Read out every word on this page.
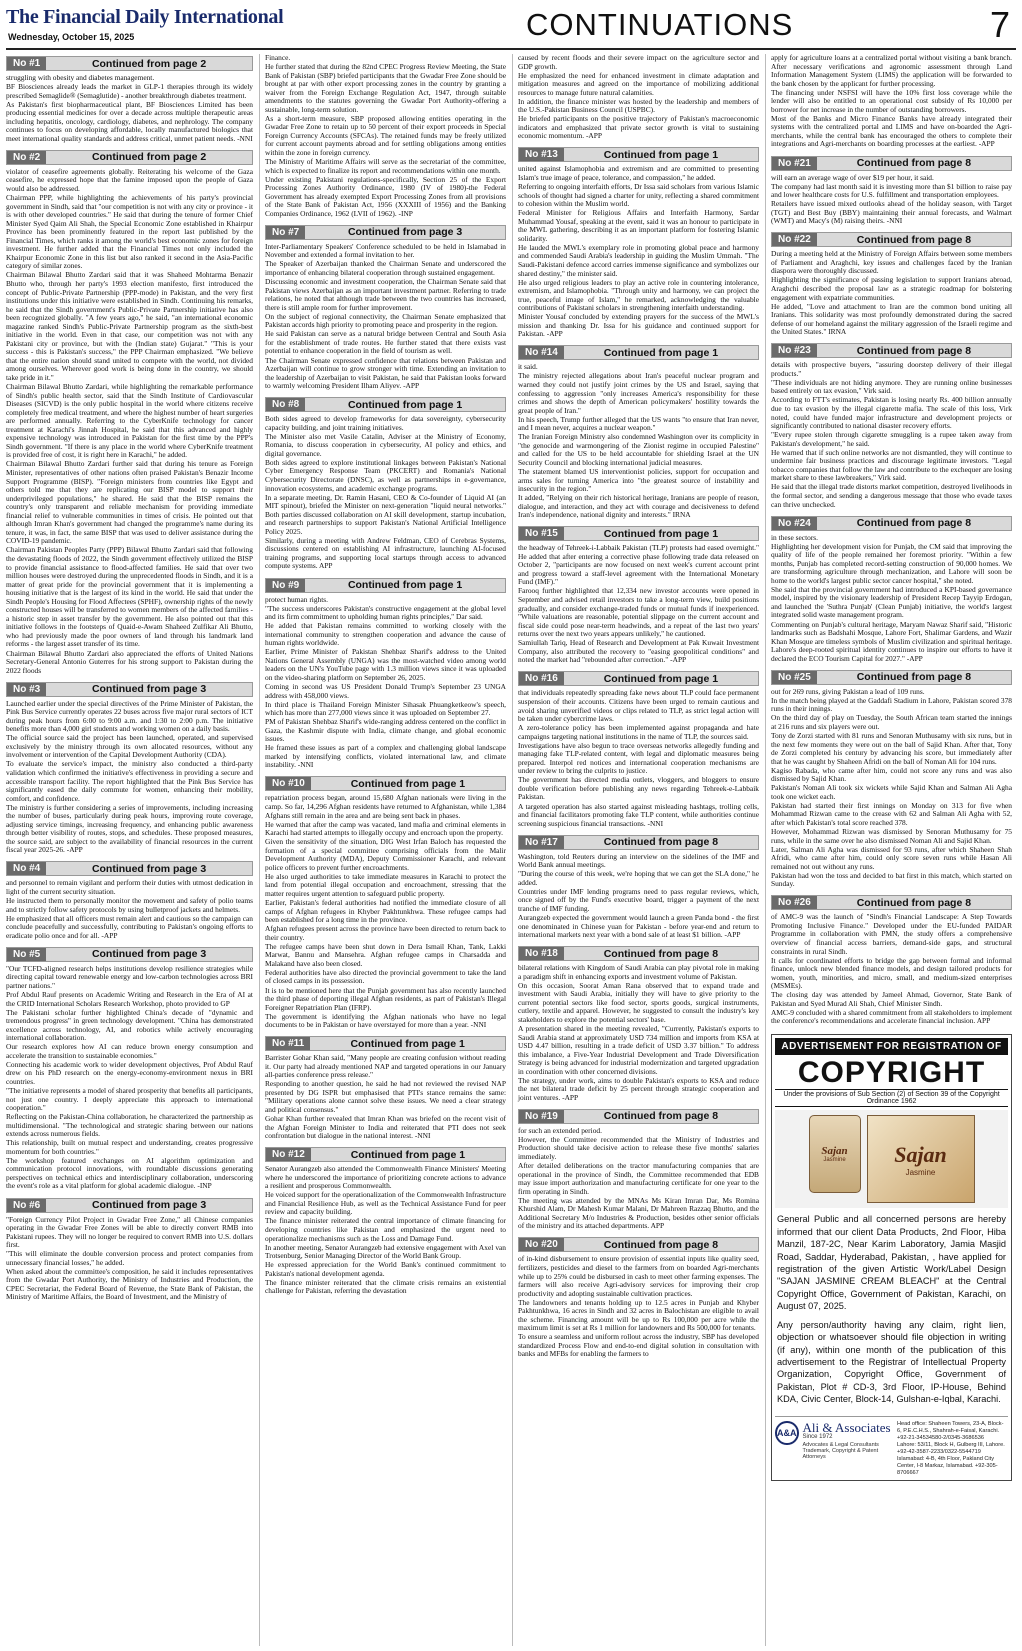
The Financial Daily International
Wednesday, October 15, 2025	CONTINUATIONS	7
No #1	Continued from page 2

struggling with obesity and diabetes management.

BF Biosciences already leads the market in GLP-1 therapies through its widely prescribed Semaglide® (Semaglutide) - another breakthrough diabetes treatment.

As Pakistan's first biopharmaceutical plant, BF Biosciences Limited has been producing essential medicines for over a decade across multiple therapeutic areas including hepatitis, oncology, cardiology, diabetes, and nephrology. The company continues to focus on developing affordable, locally manufactured biologics that meet international quality standards and address critical, unmet patient needs. -NNI

No #2	Continued from page 2

violator of ceasefire agreements globally. Reiterating his welcome of the Gaza ceasefire, he expressed hope that the famine imposed upon the people of Gaza would also be addressed.

Chairman PPP, while highlighting the achievements of his party's provincial government in Sindh, said that "our competition is not with any city or province - it is with other developed countries." He said that during the tenure of former Chief Minister Syed Qaim Ali Shah, the Special Economic Zone established in Khairpur Province has been prominently featured in the report last published by the Financial Times, which ranks it among the world's best economic zones for foreign investment. He further added that the Financial Times not only included the Khairpur Economic Zone in this list but also ranked it second in the Asia-Pacific category of similar zones.

Chairman Bilawal Bhutto Zardari said that it was Shaheed Mohtarma Benazir Bhutto who, through her party's 1993 election manifesto, first introduced the concept of Public-Private Partnership (PPP-mode) in Pakistan, and the very first institutions under this initiative were established in Sindh. Continuing his remarks, he said that the Sindh government's Public-Private Partnership initiative has also been recognized globally. "A few years ago," he said, "an international economic magazine ranked Sindh's Public-Private Partnership program as the sixth-best initiative in the world. Even in that case, our competition was not with any Pakistani city or province, but with the (Indian state) Gujarat." "This is your success - this is Pakistan's success," the PPP Chairman emphasized. "We believe that the entire nation should stand united to compete with the world, not divided among ourselves. Wherever good work is being done in the country, we should take pride in it."

Chairman Bilawal Bhutto Zardari, while highlighting the remarkable performance of Sindh's public health sector, said that the Sindh Institute of Cardiovascular Diseases (SICVD) is the only public hospital in the world where citizens receive completely free medical treatment, and where the highest number of heart surgeries are performed annually. Referring to the CyberKnife technology for cancer treatment at Karachi's Jinnah Hospital, he said that this advanced and highly expensive technology was introduced in Pakistan for the first time by the PPP's Sindh government. "If there is any place in the world where CyberKnife treatment is provided free of cost, it is right here in Karachi," he added.

Chairman Bilawal Bhutto Zardari further said that during his tenure as Foreign Minister, representatives of other nations often praised Pakistan's Benazir Income Support Programme (BISP). "Foreign ministers from countries like Egypt and others told me that they are replicating our BISP model to support their underprivileged populations," he shared. He said that the BISP remains the country's only transparent and reliable mechanism for providing immediate financial relief to vulnerable communities in times of crisis. He pointed out that although Imran Khan's government had changed the programme's name during its tenure, it was, in fact, the same BISP that was used to deliver assistance during the COVID-19 pandemic.

Chairman Pakistan Peoples Party (PPP) Bilawal Bhutto Zardari said that following the devastating floods of 2022, the Sindh government effectively utilized the BISP to provide financial assistance to flood-affected families. He said that over two million houses were destroyed during the unprecedented floods in Sindh, and it is a matter of great pride for the provincial government that it is implementing a housing initiative that is the largest of its kind in the world. He said that under the Sindh People's Housing for Flood Affectees (SPHF), ownership rights of the newly constructed houses will be transferred to women members of the affected families - a historic step in asset transfer by the government. He also pointed out that this initiative follows in the footsteps of Quaid-e-Awam Shaheed Zulfikar Ali Bhutto, who had previously made the poor owners of land through his landmark land reforms - the largest asset transfer of its time.

Chairman Bilawal Bhutto Zardari also appreciated the efforts of United Nations Secretary-General Antonio Guterres for his strong support to Pakistan during the 2022 floods

No #3	Continued from page 3

Launched earlier under the special directives of the Prime Minister of Pakistan, the Pink Bus Service currently operates 22 buses across five major rural sectors of ICT during peak hours from 6:00 to 9:00 a.m. and 1:30 to 2:00 p.m. The initiative benefits more than 4,000 girl students and working women on a daily basis.

The official source said the project has been launched, operated, and supervised exclusively by the ministry through its own allocated resources, without any involvement or intervention of the Capital Development Authority (CDA).

To evaluate the service's impact, the ministry also conducted a third-party validation which confirmed the initiative's effectiveness in providing a secure and accessible transport facility. The report highlighted that the Pink Bus Service has significantly eased the daily commute for women, enhancing their mobility, comfort, and confidence.

The ministry is further considering a series of improvements, including increasing the number of buses, particularly during peak hours, improving route coverage, adjusting service timings, increasing frequency, and enhancing public awareness through better visibility of routes, stops, and schedules. These proposed measures, the source said, are subject to the availability of financial resources in the current fiscal year 2025-26. -APP

No #4	Continued from page 3

and personnel to remain vigilant and perform their duties with utmost dedication in light of the current security situation.

He instructed them to personally monitor the movement and safety of polio teams and to strictly follow safety protocols by using bulletproof jackets and helmets.

He emphasized that all officers must remain alert and cautious so the campaign can conclude peacefully and successfully, contributing to Pakistan's ongoing efforts to eradicate polio once and for all. -APP

No #5	Continued from page 3

"Our TCFD-aligned research helps institutions develop resilience strategies while directing capital toward renewable energy and low-carbon technologies across BRI partner nations."

Prof Abdul Rauf presents on Academic Writing and Research in the Era of AI at the CRID International Scholars Research Workshop, photo provided to GP

The Pakistani scholar further highlighted China's decade of "dynamic and tremendous progress" in green technology development. "China has demonstrated excellence across technology, AI, and robotics while actively encouraging international collaboration.

Our research explores how AI can reduce brown energy consumption and accelerate the transition to sustainable economies."

Connecting his academic work to wider development objectives, Prof Abdul Rauf drew on his PhD research on the energy-economy-environment nexus in BRI countries.

"The initiative represents a model of shared prosperity that benefits all participants, not just one country. I deeply appreciate this approach to international cooperation."

Reflecting on the Pakistan-China collaboration, he characterized the partnership as multidimensional. "The technological and strategic sharing between our nations extends across numerous fields.

This relationship, built on mutual respect and understanding, creates progressive momentum for both countries."

The workshop featured exchanges on AI algorithm optimization and communication protocol innovations, with roundtable discussions generating perspectives on technical ethics and interdisciplinary collaboration, underscoring the event's role as a vital platform for global academic dialogue. -INP

No #6	Continued from page 3

"Foreign Currency Pilot Project in Gwadar Free Zone," all Chinese companies operating in the Gwadar Free Zones will be able to directly convert RMB into Pakistani rupees. They will no longer be required to convert RMB into U.S. dollars first.

"This will eliminate the double conversion process and protect companies from unnecessary financial losses," he added.

When asked about the committee's composition, he said it includes representatives from the Gwadar Port Authority, the Ministry of Industries and Production, the CPEC Secretariat, the Federal Board of Revenue, the State Bank of Pakistan, the Ministry of Maritime Affairs, the Board of Investment, and the Ministry of

Finance.

He further stated that during the 82nd CPEC Progress Review Meeting, the State Bank of Pakistan (SBP) briefed participants that the Gwadar Free Zone should be brought at par with other export processing zones in the country by granting a waiver from the Foreign Exchange Regulation Act, 1947, through suitable amendments to the statutes governing the Gwadar Port Authority-offering a sustainable, long-term solution.

As a short-term measure, SBP proposed allowing entities operating in the Gwadar Free Zone to retain up to 50 percent of their export proceeds in Special Foreign Currency Accounts (SFCAs). The retained funds may be freely utilized for current account payments abroad and for settling obligations among entities within the zone in foreign currency.

The Ministry of Maritime Affairs will serve as the secretariat of the committee, which is expected to finalize its report and recommendations within one month.

Under existing Pakistani regulations-specifically, Section 25 of the Export Processing Zones Authority Ordinance, 1980 (IV of 1980)-the Federal Government has already exempted Export Processing Zones from all provisions of the State Bank of Pakistan Act, 1956 (XXXIII of 1956) and the Banking Companies Ordinance, 1962 (LVII of 1962). -INP

No #7	Continued from page 3

Inter-Parliamentary Speakers' Conference scheduled to be held in Islamabad in November and extended a formal invitation to her.

The Speaker of Azerbaijan thanked the Chairman Senate and underscored the importance of enhancing bilateral cooperation through sustained engagement.

Discussing economic and investment cooperation, the Chairman Senate said that Pakistan views Azerbaijan as an important investment partner. Referring to trade relations, he noted that although trade between the two countries has increased, there is still ample room for further improvement.

On the subject of regional connectivity, the Chairman Senate emphasized that Pakistan accords high priority to promoting peace and prosperity in the region.

He said Pakistan can serve as a natural bridge between Central and South Asia for the establishment of trade routes. He further stated that there exists vast potential to enhance cooperation in the field of tourism as well.

The Chairman Senate expressed confidence that relations between Pakistan and Azerbaijan will continue to grow stronger with time. Extending an invitation to the leadership of Azerbaijan to visit Pakistan, he said that Pakistan looks forward to warmly welcoming President Ilham Aliyev. -APP

No #8	Continued from page 1

Both sides agreed to develop frameworks for data sovereignty, cybersecurity capacity building, and joint training initiatives.

The Minister also met Vasile Catalin, Adviser at the Ministry of Economy, Romania, to discuss cooperation in cybersecurity, AI policy and ethics, and digital governance.

Both sides agreed to explore institutional linkages between Pakistan's National Cyber Emergency Response Team (PKCERT) and Romania's National Cybersecurity Directorate (DNSC), as well as partnerships in e-governance, innovation ecosystems, and academic exchange programs.

In a separate meeting, Dr. Ramin Hasani, CEO & Co-founder of Liquid AI (an MIT spinout), briefed the Minister on next-generation "liquid neural networks." Both parties discussed collaboration on AI skill development, startup incubation, and research partnerships to support Pakistan's National Artificial Intelligence Policy 2025.

Similarly, during a meeting with Andrew Feldman, CEO of Cerebras Systems, discussions centered on establishing AI infrastructure, launching AI-focused training programs, and supporting local startups through access to advanced compute systems. APP

No #9	Continued from page 1

protect human rights.

"The success underscores Pakistan's constructive engagement at the global level and its firm commitment to upholding human rights principles," Dar said.

He added that Pakistan remains committed to working closely with the international community to strengthen cooperation and advance the cause of human rights worldwide.

Earlier, Prime Minister of Pakistan Shehbaz Sharif's address to the United Nations General Assembly (UNGA) was the most-watched video among world leaders on the UN's YouTube page with 1.3 million views since it was uploaded on the video-sharing platform on September 26, 2025.

Coming in second was US President Donald Trump's September 23 UNGA address with 458,000 views.

In third place is Thailand Foreign Minister Sihasak Phuangketkeow's speech, which has more than 277,000 views since it was uploaded on September 27.

PM of Pakistan Shehbaz Sharif's wide-ranging address centered on the conflict in Gaza, the Kashmir dispute with India, climate change, and global economic issues.

He framed these issues as part of a complex and challenging global landscape marked by intensifying conflicts, violated international law, and climate instability. -NNI

No #10	Continued from page 1

repatriation process began, around 15,680 Afghan nationals were living in the camp. So far, 14,296 Afghan residents have returned to Afghanistan, while 1,384 Afghans still remain in the area and are being sent back in phases.

He warned that after the camp was vacated, land mafia and criminal elements in Karachi had started attempts to illegally occupy and encroach upon the property.

Given the sensitivity of the situation, DIG West Irfan Baloch has requested the formation of a special committee comprising officials from the Malir Development Authority (MDA), Deputy Commissioner Karachi, and relevant police officers to prevent further encroachments.

He also urged authorities to take immediate measures in Karachi to protect the land from potential illegal occupation and encroachment, stressing that the matter requires urgent attention to safeguard public property.

Earlier, Pakistan's federal authorities had notified the immediate closure of all camps of Afghan refugees in Khyber Pakhtunkhwa. These refugee camps had been established for a long time in the province.

Afghan refugees present across the province have been directed to return back to their country.

The refugee camps have been shut down in Dera Ismail Khan, Tank, Lakki Marwat, Bannu and Mansehra. Afghan refugee camps in Charsadda and Malakand have also been closed.

Federal authorities have also directed the provincial government to take the land of closed camps in its possession.

It is to be mentioned here that the Punjab government has also recently launched the third phase of deporting illegal Afghan residents, as part of Pakistan's Illegal Foreigner Repatriation Plan (IFRP).

The government is identifying the Afghan nationals who have no legal documents to be in Pakistan or have overstayed for more than a year. -NNI

No #11	Continued from page 1

Barrister Gohar Khan said, "Many people are creating confusion without reading it. Our party had already mentioned NAP and targeted operations in our January all-parties conference press release."

Responding to another question, he said he had not reviewed the revised NAP presented by DG ISPR but emphasised that PTI's stance remains the same: "Military operations alone cannot solve these issues. We need a clear strategy and political consensus."

Gohar Khan further revealed that Imran Khan was briefed on the recent visit of the Afghan Foreign Minister to India and reiterated that PTI does not seek confrontation but dialogue in the national interest. -NNI

No #12	Continued from page 1

Senator Aurangzeb also attended the Commonwealth Finance Ministers' Meeting where he underscored the importance of prioritizing concrete actions to advance a resilient and prosperous Commonwealth.

He voiced support for the operationalization of the Commonwealth Infrastructure and Financial Resilience Hub, as well as the Technical Assistance Fund for peer review and capacity building.

The finance minister reiterated the central importance of climate financing for developing countries like Pakistan and emphasized the urgent need to operationalize mechanisms such as the Loss and Damage Fund.

In another meeting, Senator Aurangzeb had extensive engagement with Axel van Trotsenburg, Senior Managing Director of the World Bank Group.

He expressed appreciation for the World Bank's continued commitment to Pakistan's national development agenda.

The finance minister reiterated that the climate crisis remains an existential challenge for Pakistan, referring the devastation

caused by recent floods and their severe impact on the agriculture sector and GDP growth.

He emphasized the need for enhanced investment in climate adaptation and mitigation measures and agreed on the importance of mobilizing additional resources to manage future natural calamities.

In addition, the finance minister was hosted by the leadership and members of the U.S.-Pakistan Business Council (USPBC).

He briefed participants on the positive trajectory of Pakistan's macroeconomic indicators and emphasized that private sector growth is vital to sustaining economic momentum. -APP

No #13	Continued from page 1

united against Islamophobia and extremism and are committed to presenting Islam's true image of peace, tolerance, and compassion," he added.

Referring to ongoing interfaith efforts, Dr Issa said scholars from various Islamic schools of thought had signed a charter for unity, reflecting a shared commitment to cohesion within the Muslim world.

Federal Minister for Religious Affairs and Interfaith Harmony, Sardar Muhammad Yousaf, speaking at the event, said it was an honour to participate in the MWL gathering, describing it as an important platform for fostering Islamic solidarity.

He lauded the MWL's exemplary role in promoting global peace and harmony and commended Saudi Arabia's leadership in guiding the Muslim Ummah. "The Saudi-Pakistani defence accord carries immense significance and symbolizes our shared destiny," the minister said.

He also urged religious leaders to play an active role in countering intolerance, extremism, and Islamophobia. "Through unity and harmony, we can project the true, peaceful image of Islam," he remarked, acknowledging the valuable contributions of Pakistani scholars in strengthening interfaith understanding.

Minister Yousaf concluded by extending prayers for the success of the MWL's mission and thanking Dr. Issa for his guidance and continued support for Pakistan. -APP

No #14	Continued from page 1

it said.

The ministry rejected allegations about Iran's peaceful nuclear program and warned they could not justify joint crimes by the US and Israel, saying that confessing to aggression "only increases America's responsibility for these crimes and shows the depth of American policymakers' hostility towards the great people of Iran."

In his speech, Trump further alleged that the US wants "to ensure that Iran never, and I mean never, acquires a nuclear weapon."

The Iranian Foreign Ministry also condemned Washington over its complicity in "the genocide and warmongering of the Zionist regime in occupied Palestine" and called for the US to be held accountable for shielding Israel at the UN Security Council and blocking international judicial measures.

The statement blamed US interventionist policies, support for occupation and arms sales for turning America into "the greatest source of instability and insecurity in the region."

It added, "Relying on their rich historical heritage, Iranians are people of reason, dialogue, and interaction, and they act with courage and decisiveness to defend Iran's independence, national dignity and interests." IRNA

No #15	Continued from page 1

the headway of Tehreek-i-Labbaik Pakistan (TLP) protests had eased overnight." He added that after entering a corrective phase following trade data released on October 2, "participants are now focused on next week's current account print and progress toward a staff-level agreement with the International Monetary Fund (IMF)."

Farooq further highlighted that 12,334 new investor accounts were opened in September and advised retail investors to take a long-term view, build positions gradually, and consider exchange-traded funds or mutual funds if inexperienced. "While valuations are reasonable, potential slippage on the current account and fiscal side could pose near-term headwinds, and a repeat of the last two years' returns over the next two years appears unlikely," he cautioned.

Samiullah Tariq, Head of Research and Development at Pak Kuwait Investment Company, also attributed the recovery to "easing geopolitical conditions" and noted the market had "rebounded after correction." -APP

No #16	Continued from page 1

that individuals repeatedly spreading fake news about TLP could face permanent suspension of their accounts. Citizens have been urged to remain cautious and avoid sharing unverified videos or clips related to TLP, as strict legal action will be taken under cybercrime laws.

A zero-tolerance policy has been implemented against propaganda and hate campaigns targeting national institutions in the name of TLP, the sources said.

Investigations have also begun to trace overseas networks allegedly funding and managing fake TLP-related content, with legal and diplomatic measures being prepared. Interpol red notices and international cooperation mechanisms are under review to bring the culprits to justice.

The government has directed media outlets, vloggers, and bloggers to ensure double verification before publishing any news regarding Tehreek-e-Labbaik Pakistan.

A targeted operation has also started against misleading hashtags, trolling cells, and financial facilitators promoting fake TLP content, while authorities continue screening suspicious financial transactions. -NNI

No #17	Continued from page 8

Washington, told Reuters during an interview on the sidelines of the IMF and World Bank annual meetings.

"During the course of this week, we're hoping that we can get the SLA done," he added.

Countries under IMF lending programs need to pass regular reviews, which, once signed off by the Fund's executive board, trigger a payment of the next tranche of IMF funding.

Aurangzeb expected the government would launch a green Panda bond - the first one denominated in Chinese yuan for Pakistan - before year-end and return to international markets next year with a bond sale of at least $1 billion. -APP

No #18	Continued from page 8

bilateral relations with Kingdom of Saudi Arabia can play pivotal role in making a paradigm shift in enhancing exports and investment volume of Pakistan.

On this occasion, Soorat Aman Rana observed that to expand trade and investment with Saudi Arabia, initially they will have to give priority to the current potential sectors like food sector, sports goods, surgical instruments, cutlery, textile and apparel. However, he suggested to consult the industry's key stakeholders to explore the potential sectors' base.

A presentation shared in the meeting revealed, "Currently, Pakistan's exports to Saudi Arabia stand at approximately USD 734 million and imports from KSA at USD 4.47 billion, resulting in a trade deficit of USD 3.37 billion." To address this imbalance, a Five-Year Industrial Development and Trade Diversification Strategy is being advanced for industrial modernization and targeted upgradation in coordination with other concerned divisions.

The strategy, under work, aims to double Pakistan's exports to KSA and reduce the net bilateral trade deficit by 25 percent through strategic cooperation and joint ventures. -APP

No #19	Continued from page 8

for such an extended period.

However, the Committee recommended that the Ministry of Industries and Production should take decisive action to release these five months' salaries immediately.

After detailed deliberations on the tractor manufacturing companies that are operational in the province of Sindh, the Committee recommended that EDB may issue import authorization and manufacturing certificate for one year to the firm operating in Sindh.

The meeting was attended by the MNAs Ms Kiran Imran Dar, Ms Romina Khurshid Alam, Dr Mahesh Kumar Malani, Dr Mahreen Razzaq Bhutto, and the Additional Secretary M/o Industries & Production, besides other senior officials of the ministry and its attached departments. APP

No #20	Continued from page 8

of in-kind disbursement to ensure provision of essential inputs like quality seed, fertilizers, pesticides and diesel to the farmers from on boarded Agri-merchants while up to 25% could be disbursed in cash to meet other farming expenses. The farmers will also receive Agri-advisory services for improving their crop productivity and adopting sustainable cultivation practices.

The landowners and tenants holding up to 12.5 acres in Punjab and Khyber Pakhtunkhwa, 16 acres in Sindh and 32 acres in Balochistan are eligible to avail the scheme. Financing amount will be up to Rs 100,000 per acre while the maximum limit is set at Rs 1 million for landowners and Rs 500,000 for tenants.

To ensure a seamless and uniform rollout across the industry, SBP has developed standardized Process Flow and end-to-end digital solution in consultation with banks and MFBs for enabling the farmers to

apply for agriculture loans at a centralized portal without visiting a bank branch. After necessary verifications and agronomic assessment through Land Information Management System (LIMS) the application will be forwarded to the bank chosen by the applicant for further processing.

The financing under NSFSI will have the 10% first loss coverage while the lender will also be entitled to an operational cost subsidy of Rs 10,000 per borrower for net increase in the number of outstanding borrowers.

Most of the Banks and Micro Finance Banks have already integrated their systems with the centralized portal and LIMS and have on-boarded the Agri-merchants, while the central bank has encouraged the others to complete their integrations and Agri-merchants on boarding processes at the earliest. -APP

No #21	Continued from page 8

will earn an average wage of over $19 per hour, it said.

The company had last month said it is investing more than $1 billion to raise pay and lower healthcare costs for U.S. fulfillment and transportation employees.

Retailers have issued mixed outlooks ahead of the holiday season, with Target (TGT) and Best Buy (BBY) maintaining their annual forecasts, and Walmart (WMT) and Macy's (M) raising theirs. -NNI

No #22	Continued from page 8

During a meeting held at the Ministry of Foreign Affairs between some members of Parliament and Araghchi, key issues and challenges faced by the Iranian diaspora were thoroughly discussed.

Highlighting the significance of passing legislation to support Iranians abroad, Araghchi described the proposal law as a strategic roadmap for bolstering engagement with expatriate communities.

He added, "Love and attachment to Iran are the common bond uniting all Iranians. This solidarity was most profoundly demonstrated during the sacred defense of our homeland against the military aggression of the Israeli regime and the United States." IRNA

No #23	Continued from page 8

details with prospective buyers, "assuring doorstep delivery of their illegal products."

"These individuals are not hiding anymore. They are running online businesses based entirely on tax evasion," Virk said.

According to FTT's estimates, Pakistan is losing nearly Rs. 400 billion annually due to tax evasion by the illegal cigarette mafia. The scale of this loss, Virk noted, could have funded major infrastructure and development projects or significantly contributed to national disaster recovery efforts.

"Every rupee stolen through cigarette smuggling is a rupee taken away from Pakistan's development," he said.

He warned that if such online networks are not dismantled, they will continue to undermine fair business practices and discourage legitimate investors. "Legal tobacco companies that follow the law and contribute to the exchequer are losing market share to these lawbreakers," Virk said.

He said that the illegal trade distorts market competition, destroyed livelihoods in the formal sector, and sending a dangerous message that those who evade taxes can thrive unchecked.

No #24	Continued from page 8

in these sectors.

Highlighting her development vision for Punjab, the CM said that improving the quality of life of the people remained her foremost priority. "Within a few months, Punjab has completed record-setting construction of 90,000 homes. We are transforming agriculture through mechanization, and Lahore will soon be home to the world's largest public sector cancer hospital," she noted.

She said that the provincial government had introduced a KPI-based governance model, inspired by the visionary leadership of President Recep Tayyip Erdogan, and launched the 'Suthra Punjab' (Clean Punjab) initiative, the world's largest integrated solid waste management program.

Commenting on Punjab's cultural heritage, Maryam Nawaz Sharif said, "Historic landmarks such as Badshahi Mosque, Lahore Fort, Shalimar Gardens, and Wazir Khan Mosque are timeless symbols of Muslim civilization and spiritual heritage. Lahore's deep-rooted spiritual identity continues to inspire our efforts to have it declared the ECO Tourism Capital for 2027." -APP

No #25	Continued from page 8

out for 269 runs, giving Pakistan a lead of 109 runs.

In the match being played at the Gaddafi Stadium in Lahore, Pakistan scored 378 runs in their innings.

On the third day of play on Tuesday, the South African team started the innings at 216 runs and six players were out.

Tony de Zorzi started with 81 runs and Senoran Muthusamy with six runs, but in the next few moments they were out on the ball of Sajid Khan. After that, Tony de Zorzi completed his century by advancing his score, but immediately after that he was caught by Shaheen Afridi on the ball of Noman Ali for 104 runs.

Kagiso Rabada, who came after him, could not score any runs and was also dismissed by Sajid Khan.

Pakistan's Noman Ali took six wickets while Sajid Khan and Salman Ali Agha took one wicket each.

Pakistan had started their first innings on Monday on 313 for five when Mohammad Rizwan came to the crease with 62 and Salman Ali Agha with 52, after which Pakistan's total score reached 378.

However, Mohammad Rizwan was dismissed by Senoran Muthusamy for 75 runs, while in the same over he also dismissed Noman Ali and Sajid Khan.

Later, Salman Ali Agha was dismissed for 93 runs, after which Shaheen Shah Afridi, who came after him, could only score seven runs while Hasan Ali remained not out without any runs.

Pakistan had won the toss and decided to bat first in this match, which started on Sunday.

No #26	Continued from page 8

of AMC-9 was the launch of "Sindh's Financial Landscape: A Step Towards Promoting Inclusive Finance." Developed under the EU-funded PAIDAR Programme in collaboration with PMN, the study offers a comprehensive overview of financial access barriers, demand-side gaps, and structural constraints in rural Sindh.

It calls for coordinated efforts to bridge the gap between formal and informal finance, unlock new blended finance models, and design tailored products for women, youth, minorities, and micro, small, and medium-sized enterprises (MSMEs).

The closing day was attended by Jameel Ahmad, Governor, State Bank of Pakistan and Syed Murad Ali Shah, Chief Minister Sindh.

AMC-9 concluded with a shared commitment from all stakeholders to implement the conference's recommendations and accelerate financial inclusion. APP

ADVERTISEMENT FOR REGISTRATION OF
COPYRIGHT
Under the provisions of Sub Section (2) of Section 39 of the Copyright Ordinance 1962
Sajan
Jasmine Sajan
Jasmine

General Public and all concerned persons are hereby informed that our client Data Products, 2nd Floor, Hiba Manzil, 187-2C, Near Karim Laboratory, Jamia Masjid Road, Saddar, Hyderabad, Pakistan, , have applied for registration of the given Artistic Work/Label Design "SAJAN JASMINE CREAM BLEACH" at the Central Copyright Office, Government of Pakistan, Karachi, on August 07, 2025.

Any person/authority having any claim, right lien, objection or whatsoever should file objection in writing (if any), within one month of the publication of this advertisement to the Registrar of Intellectual Property Organization, Copyright Office, Government of Pakistan, Plot # CD-3, 3rd Floor, IP-House, Behind KDA, Civic Center, Block-14, Gulshan-e-Iqbal, Karachi.

A&A Ali & Associates
Since 1972
Advocates & Legal Consultants Trademark, Copyright & Patent Attorneys
Head office: Shaheen Towers, 23-A, Block-6, P.E.C.H.S., Shahrah-e-Faisal, Karachi. +92-21-34534580-2/0345-3686536
Lahore: 53/11, Block H, Gulberg III, Lahore. +92-42-3587-2233/0322-5544719
Islamabad: 4-B, 4th Floor, Pakland City Center, I-8 Markaz, Islamabad. +92-305-8706667
